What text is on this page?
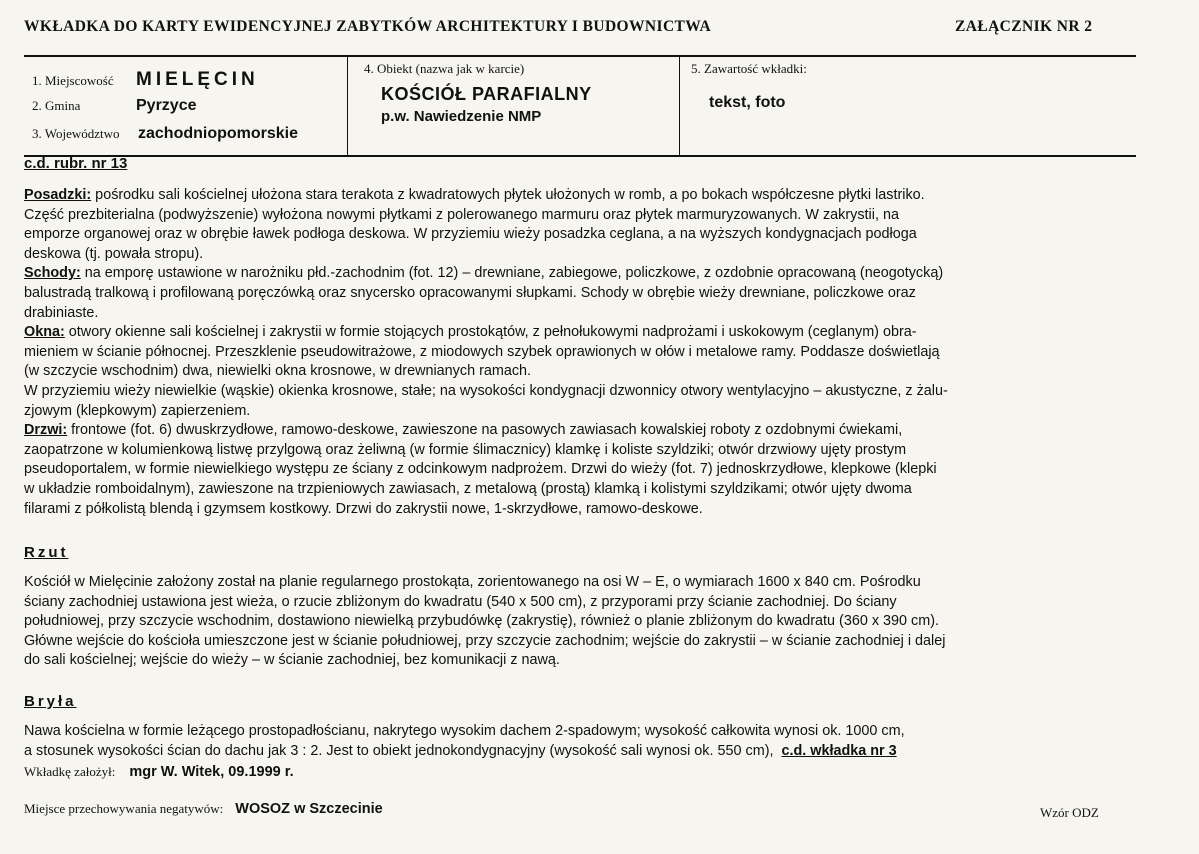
WKŁADKA DO KARTY EWIDENCYJNEJ ZABYTKÓW ARCHITEKTURY I BUDOWNICTWA	ZAŁĄCZNIK NR 2
1. Miejscowość	MIELĘCIN
2. Gmina	Pyrzyce
3. Województwo	zachodniopomorskie
4. Obiekt (nazwa jak w karcie)
KOŚCIÓŁ PARAFIALNY
p.w. Nawiedzenie NMP
5. Zawartość wkładki:
tekst, foto
c.d. rubr. nr 13
Posadzki: pośrodku sali kościelnej ułożona stara terakota z kwadratowych płytek ułożonych w romb, a po bokach współczesne płytki lastriko.
Część prezbiterialna (podwyższenie) wyłożona nowymi płytkami z polerowanego marmuru oraz płytek marmuryzowanych. W zakrystii, na
emporze organowej oraz w obrębie ławek podłoga deskowa. W przyziemiu wieży posadzka ceglana, a na wyższych kondygnacjach podłoga
deskowa (tj. powała stropu).
Schody: na emporę ustawione w narożniku płd.-zachodnim (fot. 12) – drewniane, zabiegowe, policzkowe, z ozdobnie opracowaną (neogotycką)
balustradą tralkową i profilowaną poręczówką oraz snycersko opracowanymi słupkami. Schody w obrębie wieży drewniane, policzkowe oraz
drabiniaste.
Okna: otwory okienne sali kościelnej i zakrystii w formie stojących prostokątów, z pełnołukowymi nadprożami i uskokowym (ceglanym) obra-
mieniem w ścianie północnej. Przeszklenie pseudowitrażowe, z miodowych szybek oprawionych w ołów i metalowe ramy. Poddasze doświetlają
(w szczycie wschodnim) dwa, niewielki okna krosnowe, w drewnianych ramach.
W przyziemiu wieży niewielkie (wąskie) okienka krosnowe, stałe; na wysokości kondygnacji dzwonnicy otwory wentylacyjno – akustyczne, z żalu-
zjowym (klepkowym) zapierzeniem.
Drzwi: frontowe (fot. 6) dwuskrzydłowe, ramowo-deskowe, zawieszone na pasowych zawiasach kowalskiej roboty z ozdobnymi ćwiekami,
zaopatrzone w kolumienkową listwę przylgową oraz żeliwną (w formie ślimacznicy) klamkę i koliste szyldziki; otwór drzwiowy ujęty prostym
pseudoportalem, w formie niewielkiego występu ze ściany z odcinkowym nadprożem. Drzwi do wieży (fot. 7) jednoskrzydłowe, klepkowe (klepki
w układzie romboidalnym), zawieszone na trzpieniowych zawiasach, z metalową (prostą) klamką i kolistymi szyldzikami; otwór ujęty dwoma
filarami z półkolistą blendą i gzymsem kostkowy. Drzwi do zakrystii nowe, 1-skrzydłowe, ramowo-deskowe.
Rzut
Kościół w Mielęcinie założony został na planie regularnego prostokąta, zorientowanego na osi W – E, o wymiarach 1600 x 840 cm. Pośrodku
ściany zachodniej ustawiona jest wieża, o rzucie zbliżonym do kwadratu (540 x 500 cm), z przyporami przy ścianie zachodniej. Do ściany
południowej, przy szczycie wschodnim, dostawiono niewielką przybudówkę (zakrystię), również o planie zbliżonym do kwadratu (360 x 390 cm).
Główne wejście do kościoła umieszczone jest w ścianie południowej, przy szczycie zachodnim; wejście do zakrystii – w ścianie zachodniej i dalej
do sali kościelnej; wejście do wieży – w ścianie zachodniej, bez komunikacji z nawą.
Bryła
Nawa kościelna w formie leżącego prostopadłościanu, nakrytego wysokim dachem 2-spadowym; wysokość całkowita wynosi ok. 1000 cm,
a stosunek wysokości ścian do dachu jak 3 : 2. Jest to obiekt jednokondygnacyjny (wysokość sali wynosi ok. 550 cm), c.d. wkładka nr 3
Wkładkę założył: mgr W. Witek, 09.1999 r.
Miejsce przechowywania negatywów: WOSOZ w Szczecinie	Wzór ODZ
